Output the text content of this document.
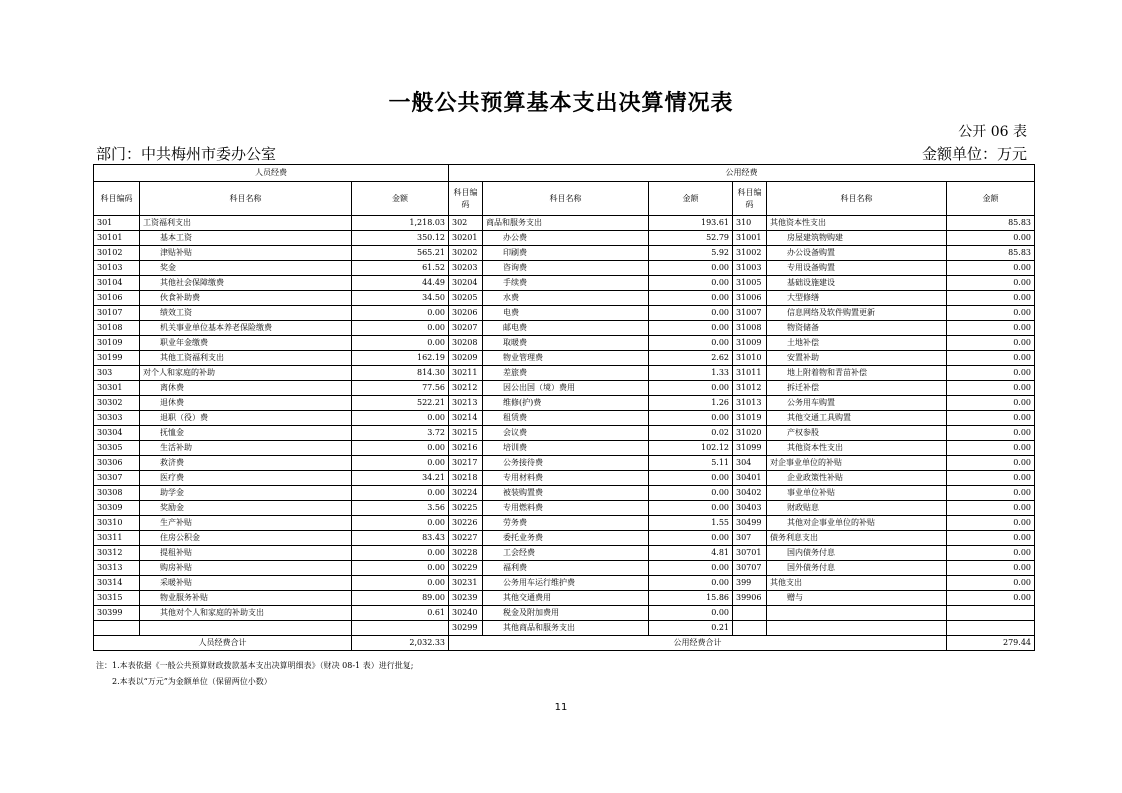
一般公共预算基本支出决算情况表
公开 06 表
部门：中共梅州市委办公室	金额单位：万元
人员经费			公用经费					
科目编码	科目名称	金额	科目编码	科目名称	金额	科目编码	科目名称	金额
301	工资福利支出	1,218.03	302	商品和服务支出	193.61	310	其他资本性支出	85.83
30101	基本工资	350.12	30201	办公费	52.79	31001	房屋建筑物购建	0.00
30102	津贴补贴	565.21	30202	印刷费	5.92	31002	办公设备购置	85.83
30103	奖金	61.52	30203	咨询费	0.00	31003	专用设备购置	0.00
30104	其他社会保障缴费	44.49	30204	手续费	0.00	31005	基础设施建设	0.00
30106	伙食补助费	34.50	30205	水费	0.00	31006	大型修缮	0.00
30107	绩效工资	0.00	30206	电费	0.00	31007	信息网络及软件购置更新	0.00
30108	机关事业单位基本养老保险缴费	0.00	30207	邮电费	0.00	31008	物资储备	0.00
30109	职业年金缴费	0.00	30208	取暖费	0.00	31009	土地补偿	0.00
30199	其他工资福利支出	162.19	30209	物业管理费	2.62	31010	安置补助	0.00
303	对个人和家庭的补助	814.30	30211	差旅费	1.33	31011	地上附着物和青苗补偿	0.00
30301	离休费	77.56	30212	因公出国（境）费用	0.00	31012	拆迁补偿	0.00
30302	退休费	522.21	30213	维修(护)费	1.26	31013	公务用车购置	0.00
30303	退职（役）费	0.00	30214	租赁费	0.00	31019	其他交通工具购置	0.00
30304	抚恤金	3.72	30215	会议费	0.02	31020	产权参股	0.00
30305	生活补助	0.00	30216	培训费	102.12	31099	其他资本性支出	0.00
30306	救济费	0.00	30217	公务接待费	5.11	304	对企事业单位的补贴	0.00
30307	医疗费	34.21	30218	专用材料费	0.00	30401	企业政策性补贴	0.00
30308	助学金	0.00	30224	被装购置费	0.00	30402	事业单位补贴	0.00
30309	奖励金	3.56	30225	专用燃料费	0.00	30403	财政贴息	0.00
30310	生产补贴	0.00	30226	劳务费	1.55	30499	其他对企事业单位的补贴	0.00
30311	住房公积金	83.43	30227	委托业务费	0.00	307	债务利息支出	0.00
30312	提租补贴	0.00	30228	工会经费	4.81	30701	国内债务付息	0.00
30313	购房补贴	0.00	30229	福利费	0.00	30707	国外债务付息	0.00
30314	采暖补贴	0.00	30231	公务用车运行维护费	0.00	399	其他支出	0.00
30315	物业服务补贴	89.00	30239	其他交通费用	15.86	39906	赠与	0.00
30399	其他对个人和家庭的补助支出	0.61	30240	税金及附加费用	0.00			
			30299	其他商品和服务支出	0.21			
人员经费合计		2,032.33	公用经费合计					279.44
注：1.本表依据《一般公共预算财政拨款基本支出决算明细表》（财决 08-1 表）进行批复;
2.本表以“万元”为金额单位（保留两位小数）
11
